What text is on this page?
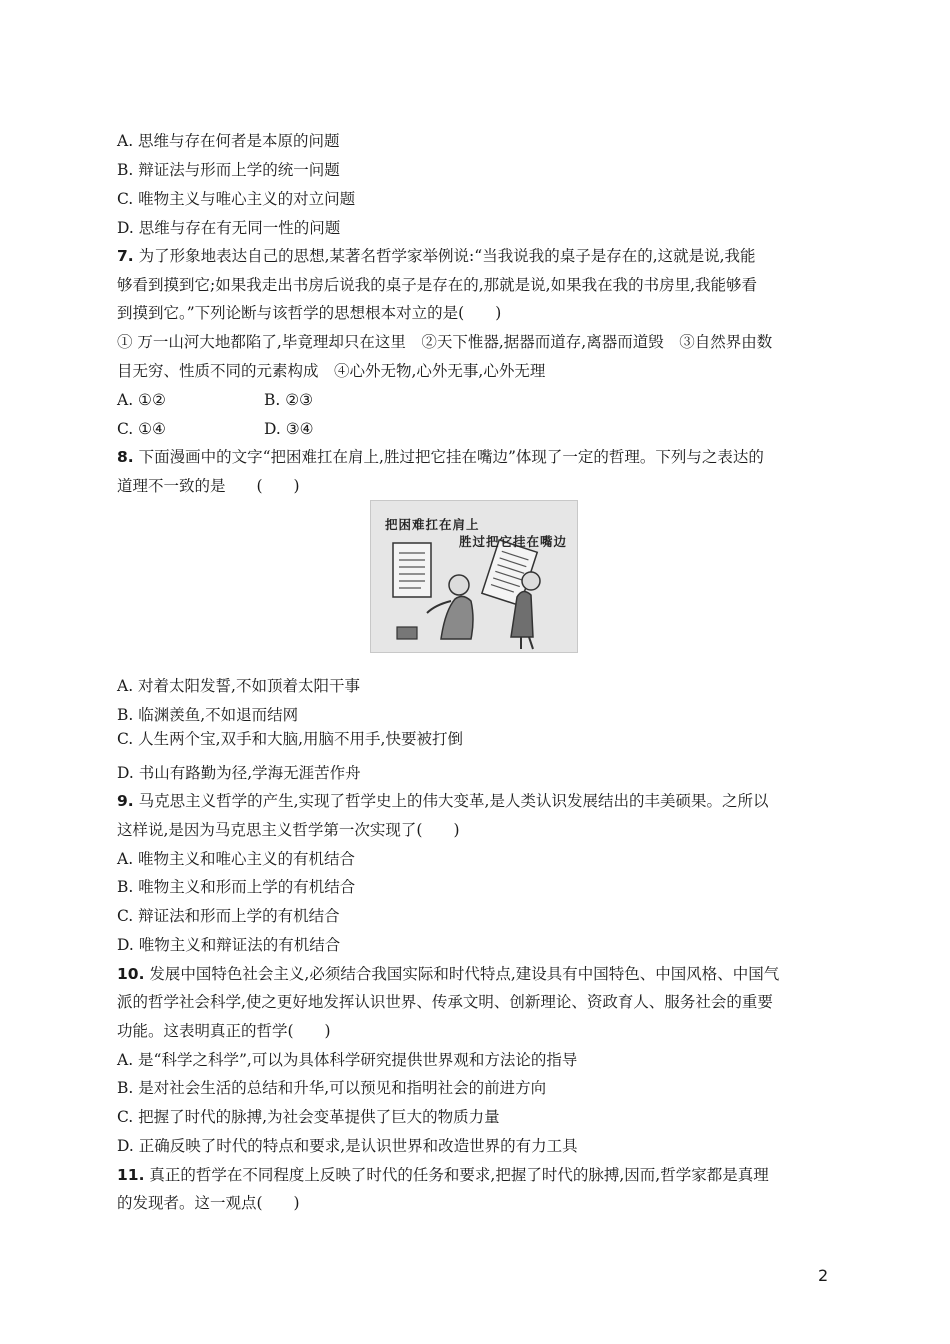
A. 思维与存在何者是本原的问题
B. 辩证法与形而上学的统一问题
C. 唯物主义与唯心主义的对立问题
D. 思维与存在有无同一性的问题
7. 为了形象地表达自己的思想,某著名哲学家举例说:“当我说我的桌子是存在的,这就是说,我能
够看到摸到它;如果我走出书房后说我的桌子是存在的,那就是说,如果我在我的书房里,我能够看
到摸到它。”下列论断与该哲学的思想根本对立的是(　　)
① 万一山河大地都陷了,毕竟理却只在这里　②天下惟器,据器而道存,离器而道毁　③自然界由数
目无穷、性质不同的元素构成　④心外无物,心外无事,心外无理
A. ①②	B. ②③
C. ①④	D. ③④
8. 下面漫画中的文字“把困难扛在肩上,胜过把它挂在嘴边”体现了一定的哲理。下列与之表达的
道理不一致的是　　(　　)
把困难扛在肩上
胜过把它挂在嘴边
A. 对着太阳发誓,不如顶着太阳干事
B. 临渊羡鱼,不如退而结网
C. 人生两个宝,双手和大脑,用脑不用手,快要被打倒
D. 书山有路勤为径,学海无涯苦作舟
9. 马克思主义哲学的产生,实现了哲学史上的伟大变革,是人类认识发展结出的丰美硕果。之所以
这样说,是因为马克思主义哲学第一次实现了(　　)
A. 唯物主义和唯心主义的有机结合
B. 唯物主义和形而上学的有机结合
C. 辩证法和形而上学的有机结合
D. 唯物主义和辩证法的有机结合
10. 发展中国特色社会主义,必须结合我国实际和时代特点,建设具有中国特色、中国风格、中国气
派的哲学社会科学,使之更好地发挥认识世界、传承文明、创新理论、资政育人、服务社会的重要
功能。这表明真正的哲学(　　)
A. 是“科学之科学”,可以为具体科学研究提供世界观和方法论的指导
B. 是对社会生活的总结和升华,可以预见和指明社会的前进方向
C. 把握了时代的脉搏,为社会变革提供了巨大的物质力量
D. 正确反映了时代的特点和要求,是认识世界和改造世界的有力工具
11. 真正的哲学在不同程度上反映了时代的任务和要求,把握了时代的脉搏,因而,哲学家都是真理
的发现者。这一观点(　　)
2
